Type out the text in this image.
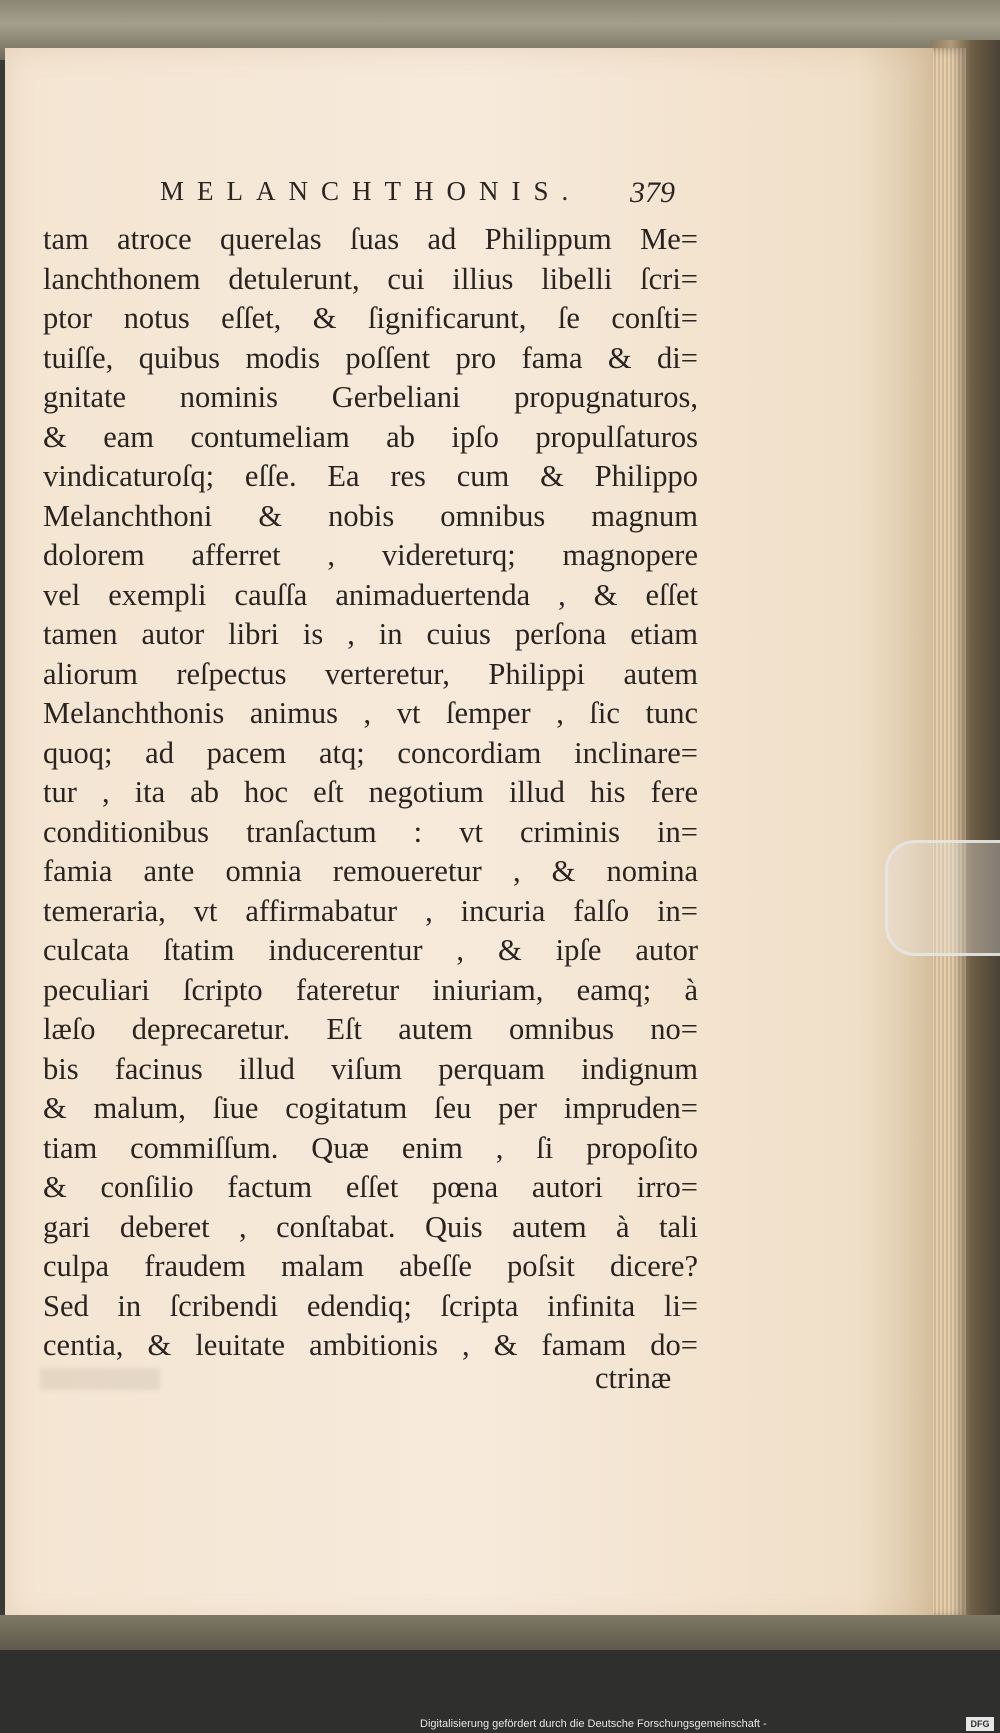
MELANCHTHONIS. 379

tam atroce querelas ſuas ad Philippum Me=
lanchthonem detulerunt, cui illius libelli ſcri=
ptor notus eſſet, & ſignificarunt, ſe conſti=
tuiſſe, quibus modis poſſent pro fama & di=
gnitate nominis Gerbeliani propugnaturos,
& eam contumeliam ab ipſo propulſaturos
vindicaturoſq; eſſe. Ea res cum & Philippo
Melanchthoni & nobis omnibus magnum
dolorem afferret , videreturq; magnopere
vel exempli cauſſa animaduertenda , & eſſet
tamen autor libri is , in cuius perſona etiam
aliorum reſpectus verteretur, Philippi autem
Melanchthonis animus , vt ſemper , ſic tunc
quoq; ad pacem atq; concordiam inclinare=
tur , ita ab hoc eſt negotium illud his fere
conditionibus tranſactum : vt criminis in=
famia ante omnia remoueretur , & nomina
temeraria, vt affirmabatur , incuria falſo in=
culcata ſtatim inducerentur , & ipſe autor
peculiari ſcripto fateretur iniuriam, eamq; à
læſo deprecaretur. Eſt autem omnibus no=
bis facinus illud viſum perquam indignum
& malum, ſiue cogitatum ſeu per impruden=
tiam commiſſum. Quæ enim , ſi propoſito
& conſilio factum eſſet pœna autori irro=
gari deberet , conſtabat. Quis autem à tali
culpa fraudem malam abeſſe poſsit dicere?
Sed in ſcribendi edendiq; ſcripta infinita li=
centia, & leuitate ambitionis , & famam do=

ctrinæ

Digitalisierung gefördert durch die Deutsche Forschungsgemeinschaft -	DFG
